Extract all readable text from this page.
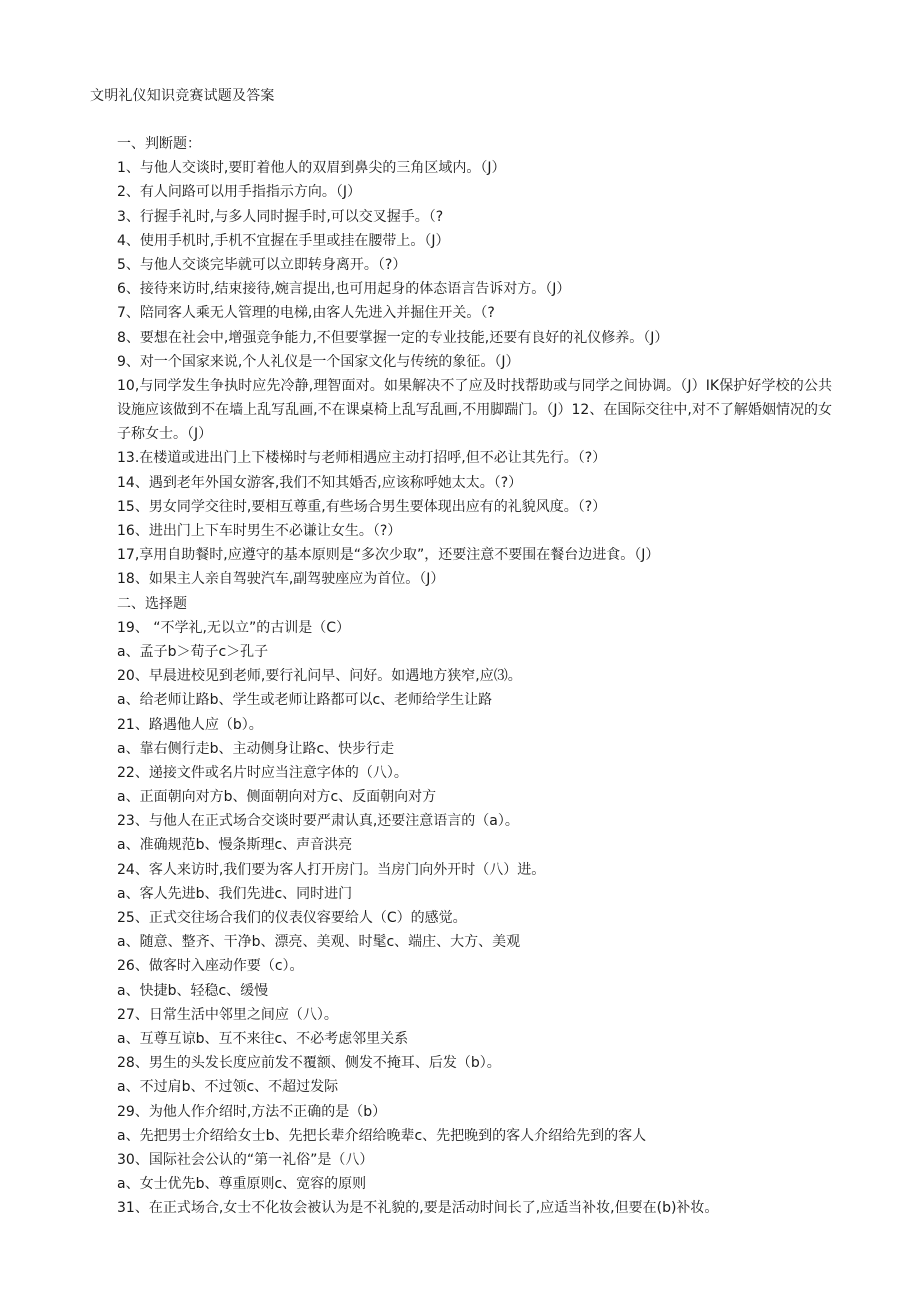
文明礼仪知识竞赛试题及答案
一、判断题：
1、与他人交谈时,要盯着他人的双眉到鼻尖的三角区域内。（J）
2、有人问路可以用手指指示方向。（J）
3、行握手礼时,与多人同时握手时,可以交叉握手。（?
4、使用手机时,手机不宜握在手里或挂在腰带上。（J）
5、与他人交谈完毕就可以立即转身离开。（?）
6、接待来访时,结束接待,婉言提出,也可用起身的体态语言告诉对方。（J）
7、陪同客人乘无人管理的电梯,由客人先进入并掘住开关。（?
8、要想在社会中,增强竞争能力,不但要掌握一定的专业技能,还要有良好的礼仪修养。（J）
9、对一个国家来说,个人礼仪是一个国家文化与传统的象征。（J）
10,与同学发生争执时应先冷静,理智面对。如果解决不了应及时找帮助或与同学之间协调。（J）IK保护好学校的公共设施应该做到不在墙上乱写乱画,不在课桌椅上乱写乱画,不用脚踹门。（J）12、在国际交往中,对不了解婚姻情况的女子称女士。（J）
13.在楼道或进出门上下楼梯时与老师相遇应主动打招呼,但不必让其先行。（?）
14、遇到老年外国女游客,我们不知其婚否,应该称呼她太太。（?）
15、男女同学交往时,要相互尊重,有些场合男生要体现出应有的礼貌风度。（?）
16、进出门上下车时男生不必谦让女生。（?）
17,享用自助餐时,应遵守的基本原则是“多次少取”，还要注意不要围在餐台边进食。（J）
18、如果主人亲自驾驶汽车,副驾驶座应为首位。（J）
二、选择题
19、 “不学礼,无以立”的古训是（C）
a、孟子b＞荀子c＞孔子
20、早晨进校见到老师,要行礼问早、问好。如遇地方狭窄,应⑶。
a、给老师让路b、学生或老师让路都可以c、老师给学生让路
21、路遇他人应（b）。
a、靠右侧行走b、主动侧身让路c、快步行走
22、递接文件或名片时应当注意字体的（八）。
a、正面朝向对方b、侧面朝向对方c、反面朝向对方
23、与他人在正式场合交谈时要严肃认真,还要注意语言的（a）。
a、准确规范b、慢条斯理c、声音洪亮
24、客人来访时,我们要为客人打开房门。当房门向外开时（八）进。
a、客人先进b、我们先进c、同时进门
25、正式交往场合我们的仪表仪容要给人（C）的感觉。
a、随意、整齐、干净b、漂亮、美观、时髦c、端庄、大方、美观
26、做客时入座动作要（c）。
a、快捷b、轻稳c、缓慢
27、日常生活中邻里之间应（八）。
a、互尊互谅b、互不来往c、不必考虑邻里关系
28、男生的头发长度应前发不覆额、侧发不掩耳、后发（b）。
a、不过肩b、不过领c、不超过发际
29、为他人作介绍时,方法不正确的是（b）
a、先把男士介绍给女士b、先把长辈介绍给晚辈c、先把晚到的客人介绍给先到的客人
30、国际社会公认的“第一礼俗”是（八）
a、女士优先b、尊重原则c、宽容的原则
31、在正式场合,女士不化妆会被认为是不礼貌的,要是活动时间长了,应适当补妆,但要在(b)补妆。
